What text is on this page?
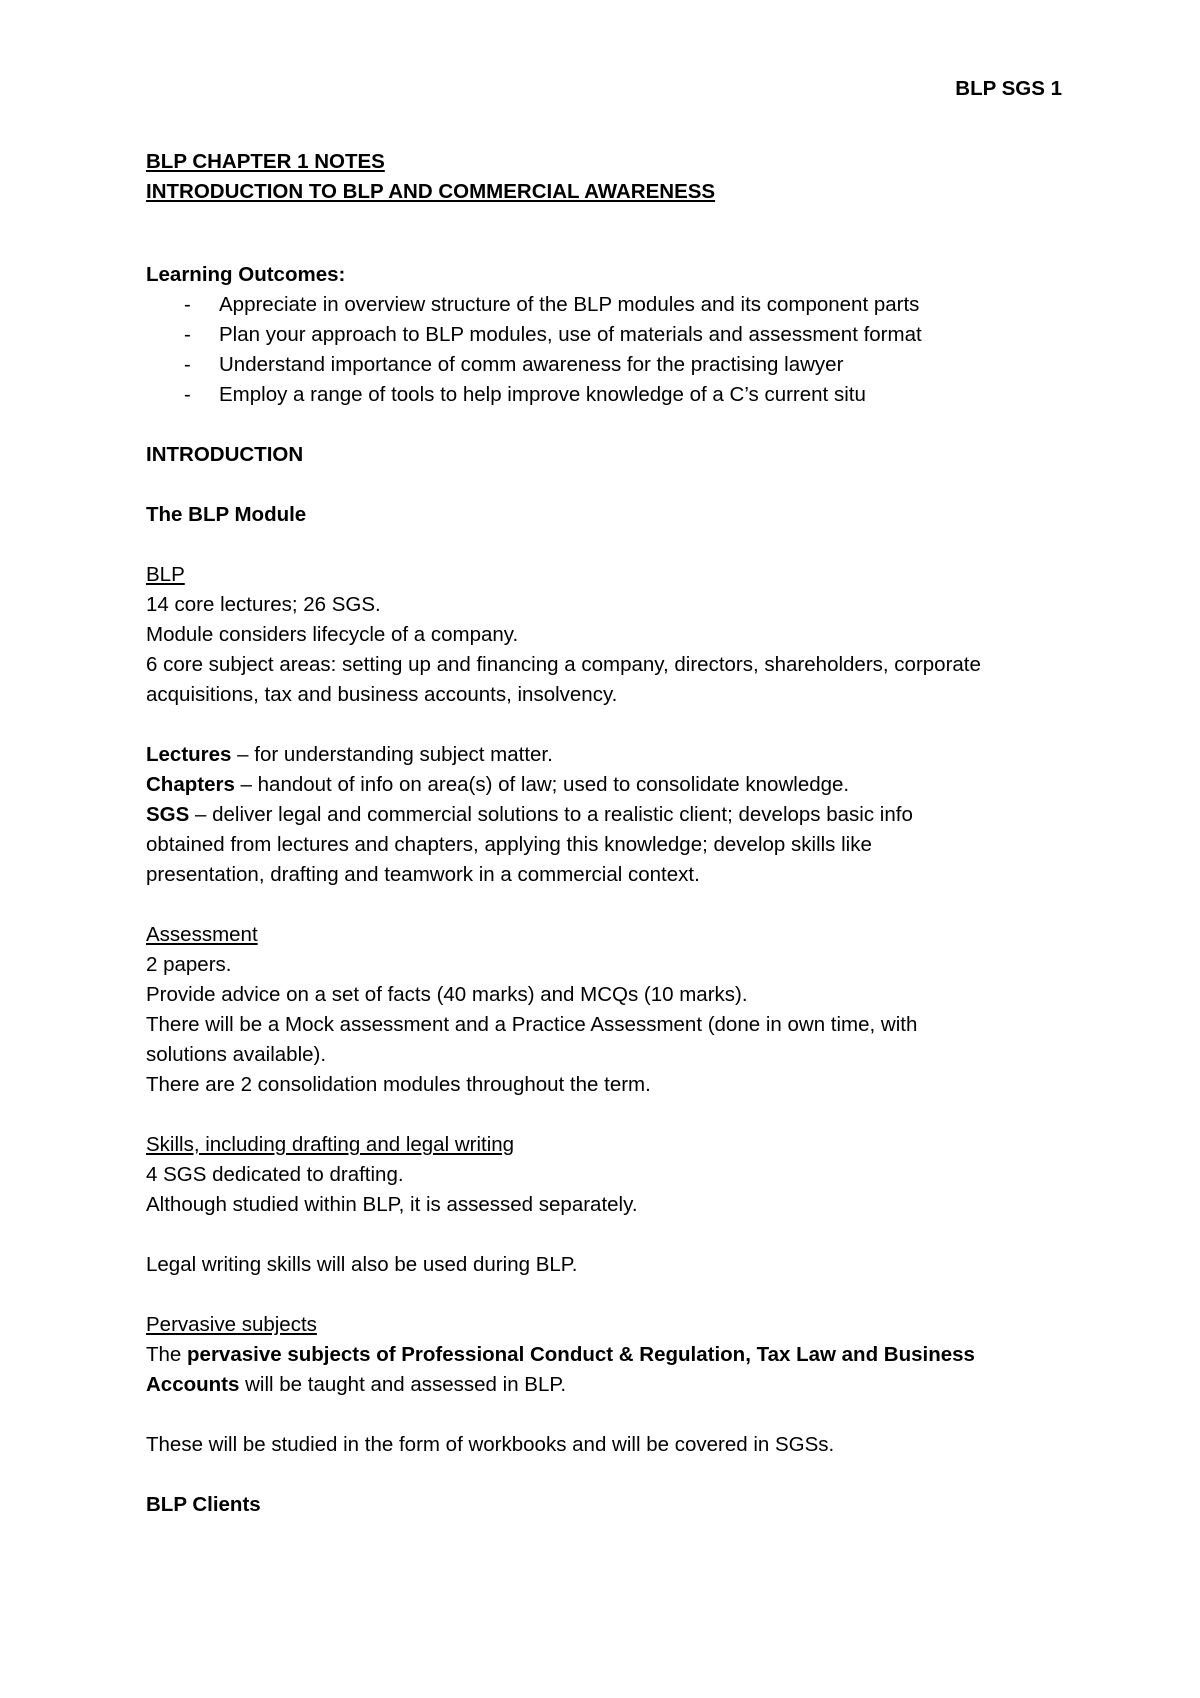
BLP SGS 1
BLP CHAPTER 1 NOTES
INTRODUCTION TO BLP AND COMMERCIAL AWARENESS
Learning Outcomes:
- Appreciate in overview structure of the BLP modules and its component parts
- Plan your approach to BLP modules, use of materials and assessment format
- Understand importance of comm awareness for the practising lawyer
- Employ a range of tools to help improve knowledge of a C’s current situ
INTRODUCTION
The BLP Module
BLP
14 core lectures; 26 SGS.
Module considers lifecycle of a company.
6 core subject areas: setting up and financing a company, directors, shareholders, corporate
acquisitions, tax and business accounts, insolvency.
Lectures – for understanding subject matter.
Chapters – handout of info on area(s) of law; used to consolidate knowledge.
SGS – deliver legal and commercial solutions to a realistic client; develops basic info
obtained from lectures and chapters, applying this knowledge; develop skills like
presentation, drafting and teamwork in a commercial context.
Assessment
2 papers.
Provide advice on a set of facts (40 marks) and MCQs (10 marks).
There will be a Mock assessment and a Practice Assessment (done in own time, with
solutions available).
There are 2 consolidation modules throughout the term.
Skills, including drafting and legal writing
4 SGS dedicated to drafting.
Although studied within BLP, it is assessed separately.
Legal writing skills will also be used during BLP.
Pervasive subjects
The pervasive subjects of Professional Conduct & Regulation, Tax Law and Business
Accounts will be taught and assessed in BLP.
These will be studied in the form of workbooks and will be covered in SGSs.
BLP Clients
